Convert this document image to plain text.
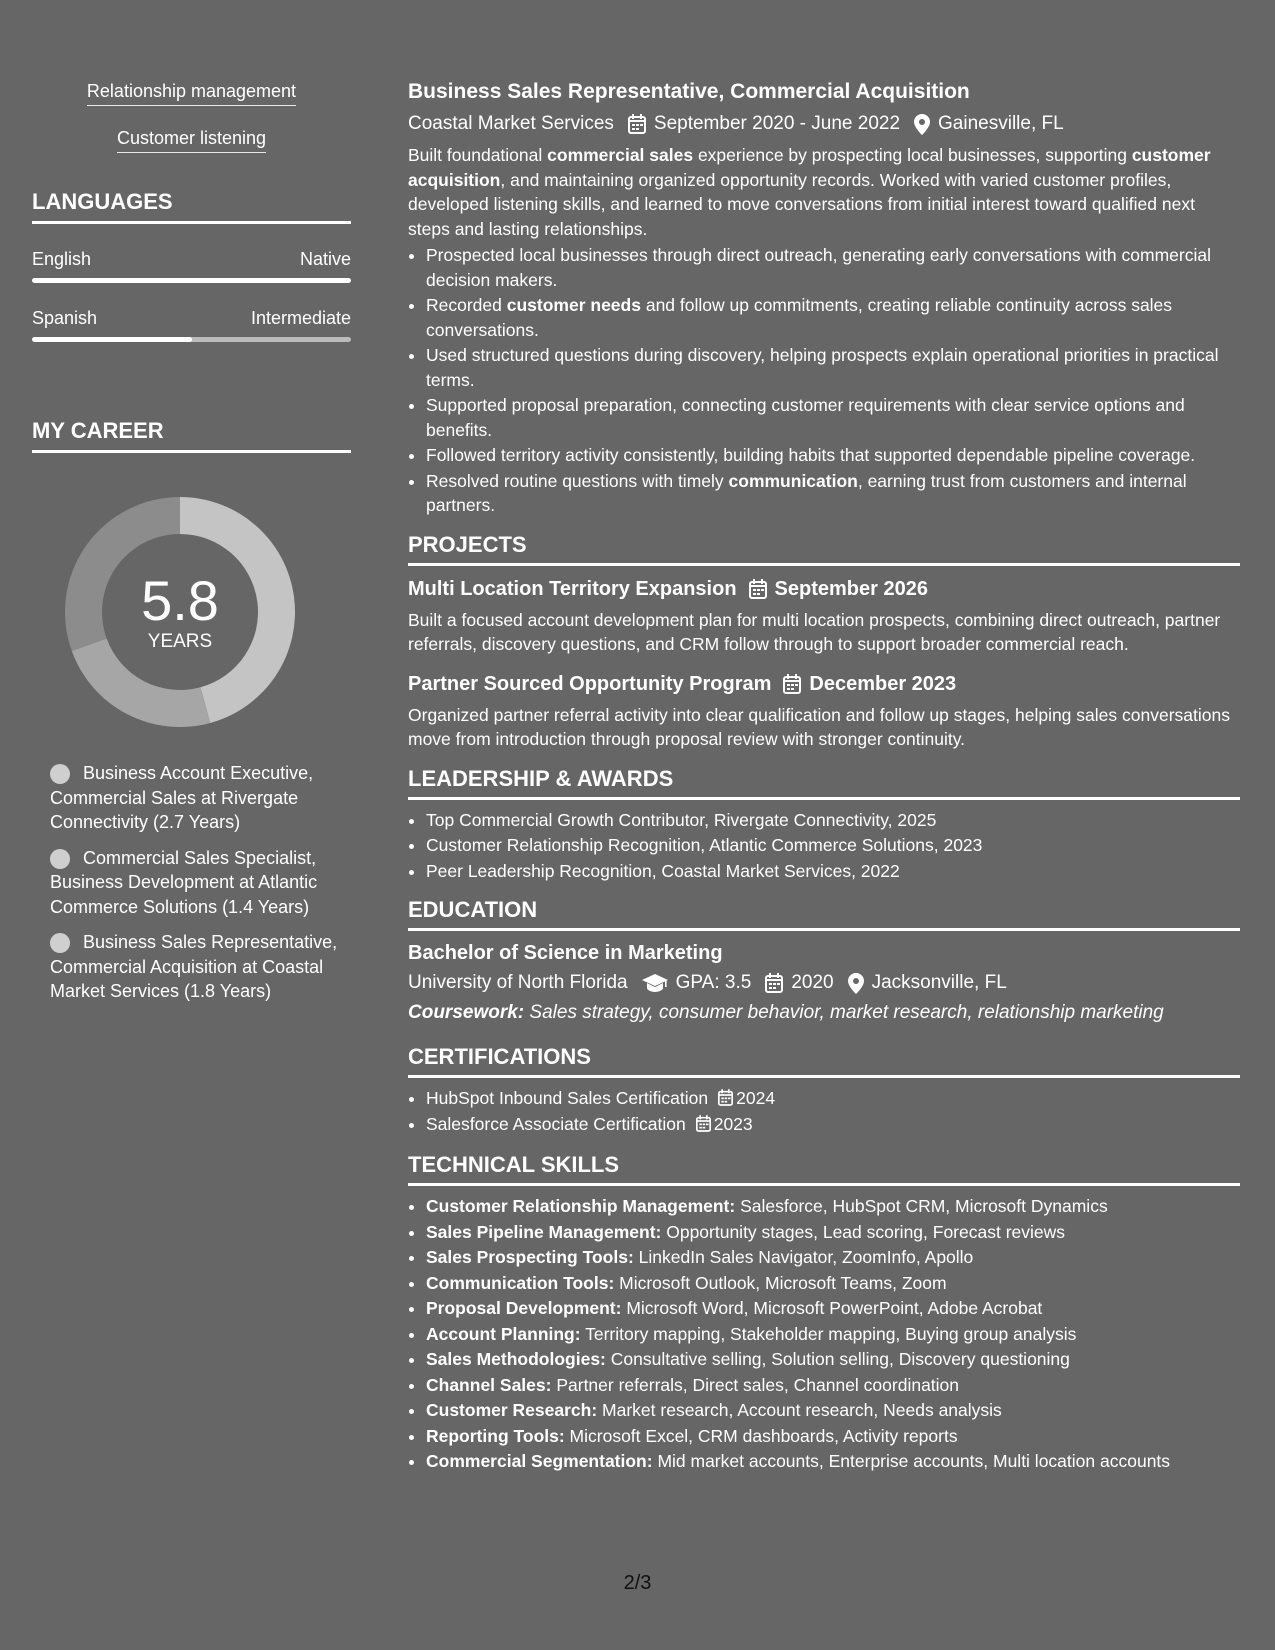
Relationship management
Customer listening
LANGUAGES
English	Native
Spanish	Intermediate
MY CAREER
5.8
YEARS
Business Account Executive, Commercial Sales at Rivergate Connectivity (2.7 Years)
Commercial Sales Specialist, Business Development at Atlantic Commerce Solutions (1.4 Years)
Business Sales Representative, Commercial Acquisition at Coastal Market Services (1.8 Years)
Business Sales Representative, Commercial Acquisition
Coastal Market Services September 2020 - June 2022 Gainesville, FL

Built foundational commercial sales experience by prospecting local businesses, supporting customer acquisition, and maintaining organized opportunity records. Worked with varied customer profiles, developed listening skills, and learned to move conversations from initial interest toward qualified next steps and lasting relationships.

• Prospected local businesses through direct outreach, generating early conversations with commercial decision makers.
• Recorded customer needs and follow up commitments, creating reliable continuity across sales conversations.
• Used structured questions during discovery, helping prospects explain operational priorities in practical terms.
• Supported proposal preparation, connecting customer requirements with clear service options and benefits.
• Followed territory activity consistently, building habits that supported dependable pipeline coverage.
• Resolved routine questions with timely communication, earning trust from customers and internal partners.
PROJECTS
Multi Location Territory Expansion September 2026

Built a focused account development plan for multi location prospects, combining direct outreach, partner referrals, discovery questions, and CRM follow through to support broader commercial reach.

Partner Sourced Opportunity Program December 2023

Organized partner referral activity into clear qualification and follow up stages, helping sales conversations move from introduction through proposal review with stronger continuity.

LEADERSHIP & AWARDS
• Top Commercial Growth Contributor, Rivergate Connectivity, 2025
• Customer Relationship Recognition, Atlantic Commerce Solutions, 2023
• Peer Leadership Recognition, Coastal Market Services, 2022
EDUCATION
Bachelor of Science in Marketing
University of North Florida	GPA: 3.5 2020 Jacksonville, FL
Coursework: Sales strategy, consumer behavior, market research, relationship marketing
CERTIFICATIONS
• HubSpot Inbound Sales Certification 2024
• Salesforce Associate Certification 2023
TECHNICAL SKILLS
• Customer Relationship Management: Salesforce, HubSpot CRM, Microsoft Dynamics
• Sales Pipeline Management: Opportunity stages, Lead scoring, Forecast reviews
• Sales Prospecting Tools: LinkedIn Sales Navigator, ZoomInfo, Apollo
• Communication Tools: Microsoft Outlook, Microsoft Teams, Zoom
• Proposal Development: Microsoft Word, Microsoft PowerPoint, Adobe Acrobat
• Account Planning: Territory mapping, Stakeholder mapping, Buying group analysis
• Sales Methodologies: Consultative selling, Solution selling, Discovery questioning
• Channel Sales: Partner referrals, Direct sales, Channel coordination
• Customer Research: Market research, Account research, Needs analysis
• Reporting Tools: Microsoft Excel, CRM dashboards, Activity reports
• Commercial Segmentation: Mid market accounts, Enterprise accounts, Multi location accounts
2/3
